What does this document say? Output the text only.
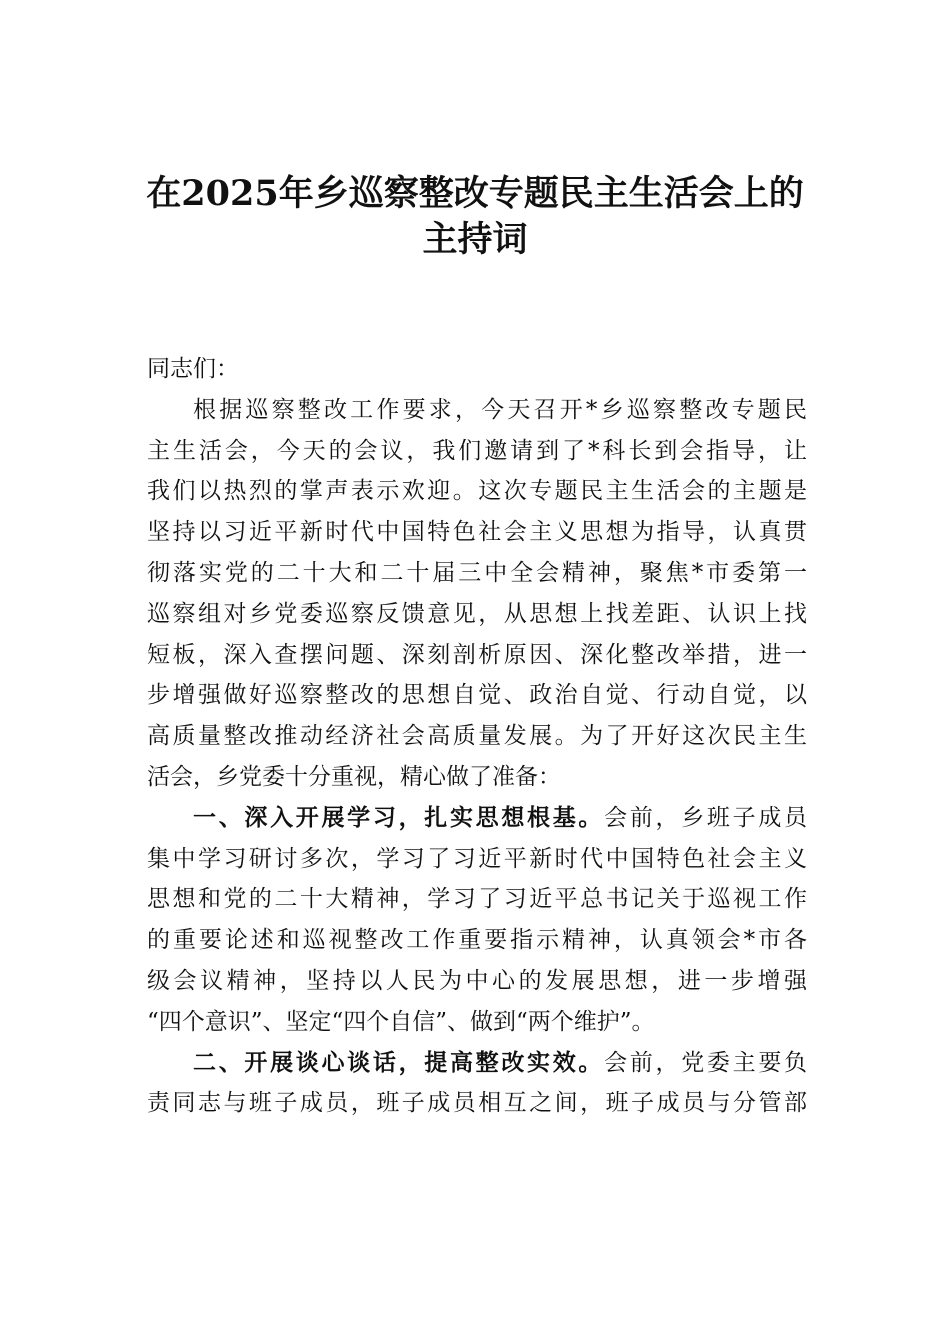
在2025年乡巡察整改专题民主生活会上的
主持词
同志们：
根据巡察整改工作要求，今天召开*乡巡察整改专题民
主生活会，今天的会议，我们邀请到了*科长到会指导，让
我们以热烈的掌声表示欢迎。这次专题民主生活会的主题是
坚持以习近平新时代中国特色社会主义思想为指导，认真贯
彻落实党的二十大和二十届三中全会精神，聚焦*市委第一
巡察组对乡党委巡察反馈意见，从思想上找差距、认识上找
短板，深入查摆问题、深刻剖析原因、深化整改举措，进一
步增强做好巡察整改的思想自觉、政治自觉、行动自觉，以
高质量整改推动经济社会高质量发展。为了开好这次民主生
活会，乡党委十分重视，精心做了准备：
一、深入开展学习，扎实思想根基。会前，乡班子成员
集中学习研讨多次，学习了习近平新时代中国特色社会主义
思想和党的二十大精神，学习了习近平总书记关于巡视工作
的重要论述和巡视整改工作重要指示精神，认真领会*市各
级会议精神，坚持以人民为中心的发展思想，进一步增强
“四个意识”、坚定“四个自信”、做到“两个维护”。
二、开展谈心谈话，提高整改实效。会前，党委主要负
责同志与班子成员，班子成员相互之间，班子成员与分管部
